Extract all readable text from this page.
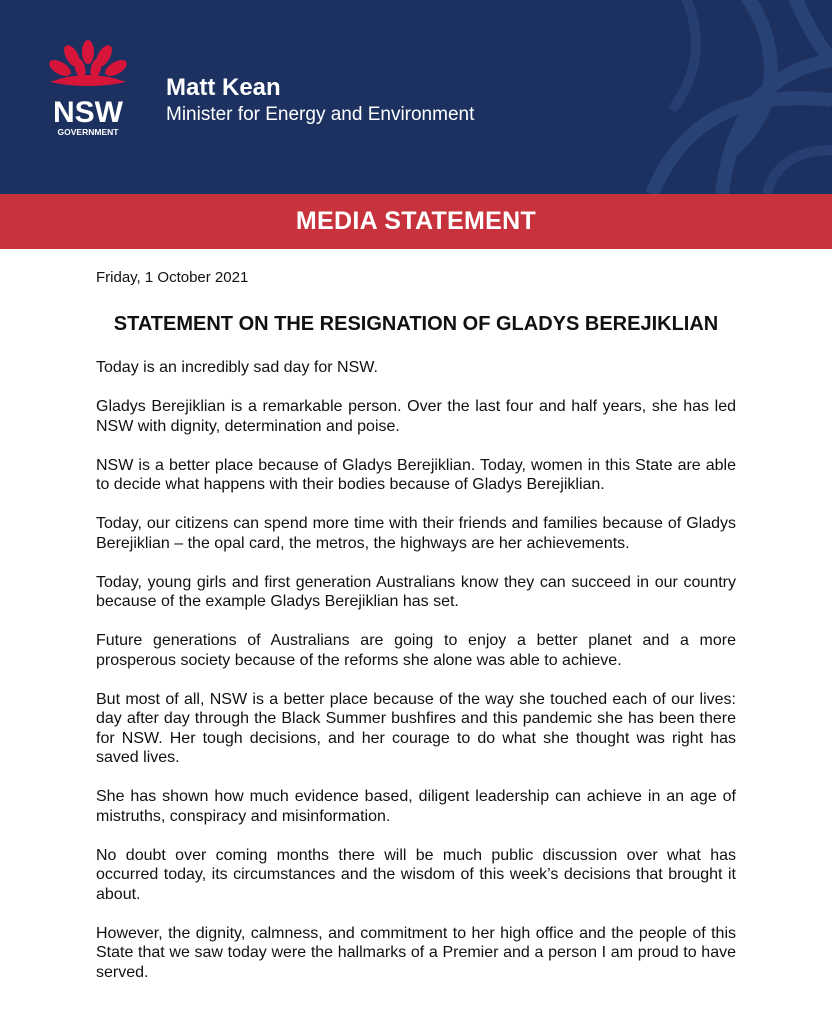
NSW
GOVERNMENT
Matt Kean
Minister for Energy and Environment
MEDIA STATEMENT
Friday, 1 October 2021
STATEMENT ON THE RESIGNATION OF GLADYS BEREJIKLIAN

Today is an incredibly sad day for NSW.

Gladys Berejiklian is a remarkable person. Over the last four and half years, she has led NSW with dignity, determination and poise.

NSW is a better place because of Gladys Berejiklian. Today, women in this State are able to decide what happens with their bodies because of Gladys Berejiklian.

Today, our citizens can spend more time with their friends and families because of Gladys Berejiklian – the opal card, the metros, the highways are her achievements.

Today, young girls and first generation Australians know they can succeed in our country because of the example Gladys Berejiklian has set.

Future generations of Australians are going to enjoy a better planet and a more prosperous society because of the reforms she alone was able to achieve.

But most of all, NSW is a better place because of the way she touched each of our lives: day after day through the Black Summer bushfires and this pandemic she has been there for NSW. Her tough decisions, and her courage to do what she thought was right has saved lives.

She has shown how much evidence based, diligent leadership can achieve in an age of mistruths, conspiracy and misinformation.

No doubt over coming months there will be much public discussion over what has occurred today, its circumstances and the wisdom of this week’s decisions that brought it about.

However, the dignity, calmness, and commitment to her high office and the people of this State that we saw today were the hallmarks of a Premier and a person I am proud to have served.
